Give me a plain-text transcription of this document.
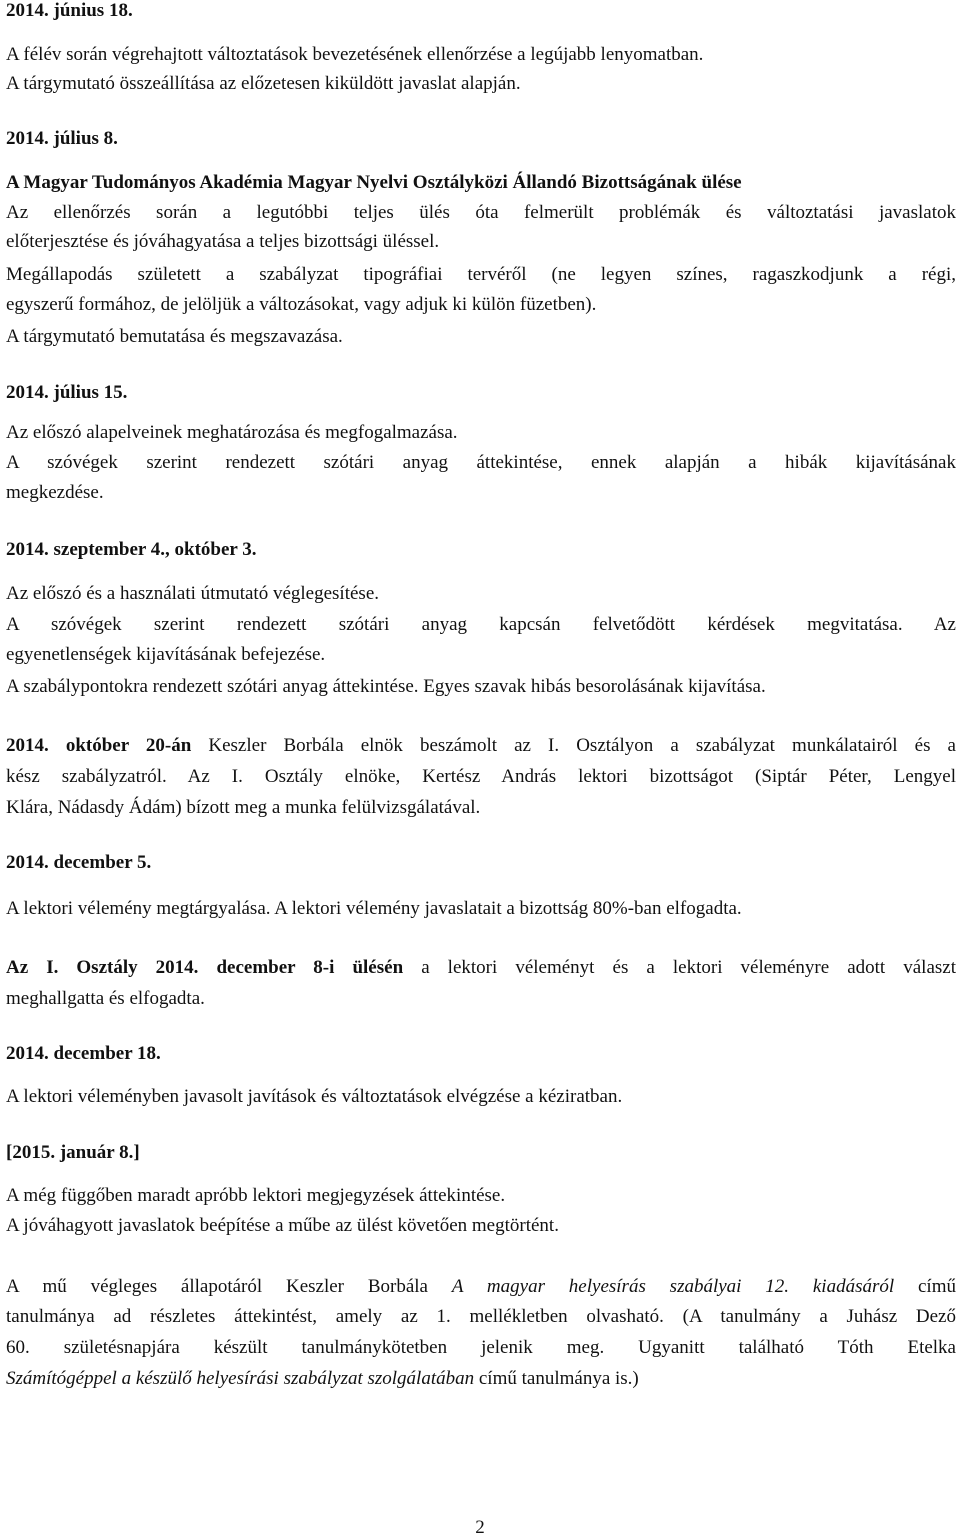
2014. június 18.
A félév során végrehajtott változtatások bevezetésének ellenőrzése a legújabb lenyomatban.
A tárgymutató összeállítása az előzetesen kiküldött javaslat alapján.
2014. július 8.
A Magyar Tudományos Akadémia Magyar Nyelvi Osztályközi Állandó Bizottságának ülése
Az ellenőrzés során a legutóbbi teljes ülés óta felmerült problémák és változtatási javaslatok
előterjesztése és jóváhagyatása a teljes bizottsági üléssel.
Megállapodás született a szabályzat tipográfiai tervéről (ne legyen színes, ragaszkodjunk a régi,
egyszerű formához, de jelöljük a változásokat, vagy adjuk ki külön füzetben).
A tárgymutató bemutatása és megszavazása.
2014. július 15.
Az előszó alapelveinek meghatározása és megfogalmazása.
A szóvégek szerint rendezett szótári anyag áttekintése, ennek alapján a hibák kijavításának
megkezdése.
2014. szeptember 4., október 3.
Az előszó és a használati útmutató véglegesítése.
A szóvégek szerint rendezett szótári anyag kapcsán felvetődött kérdések megvitatása. Az
egyenetlenségek kijavításának befejezése.
A szabálypontokra rendezett szótári anyag áttekintése. Egyes szavak hibás besorolásának kijavítása.
2014. október 20-án Keszler Borbála elnök beszámolt az I. Osztályon a szabályzat munkálatairól és a
kész szabályzatról. Az I. Osztály elnöke, Kertész András lektori bizottságot (Siptár Péter, Lengyel
Klára, Nádasdy Ádám) bízott meg a munka felülvizsgálatával.
2014. december 5.
A lektori vélemény megtárgyalása. A lektori vélemény javaslatait a bizottság 80%-ban elfogadta.
Az I. Osztály 2014. december 8-i ülésén a lektori véleményt és a lektori véleményre adott választ
meghallgatta és elfogadta.
2014. december 18.
A lektori véleményben javasolt javítások és változtatások elvégzése a kéziratban.
[2015. január 8.]
A még függőben maradt apróbb lektori megjegyzések áttekintése.
A jóváhagyott javaslatok beépítése a műbe az ülést követően megtörtént.
A mű végleges állapotáról Keszler Borbála A magyar helyesírás szabályai 12. kiadásáról című
tanulmánya ad részletes áttekintést, amely az 1. mellékletben olvasható. (A tanulmány a Juhász Dező
60. születésnapjára készült tanulmánykötetben jelenik meg. Ugyanitt található Tóth Etelka
Számítógéppel a készülő helyesírási szabályzat szolgálatában című tanulmánya is.)
2
